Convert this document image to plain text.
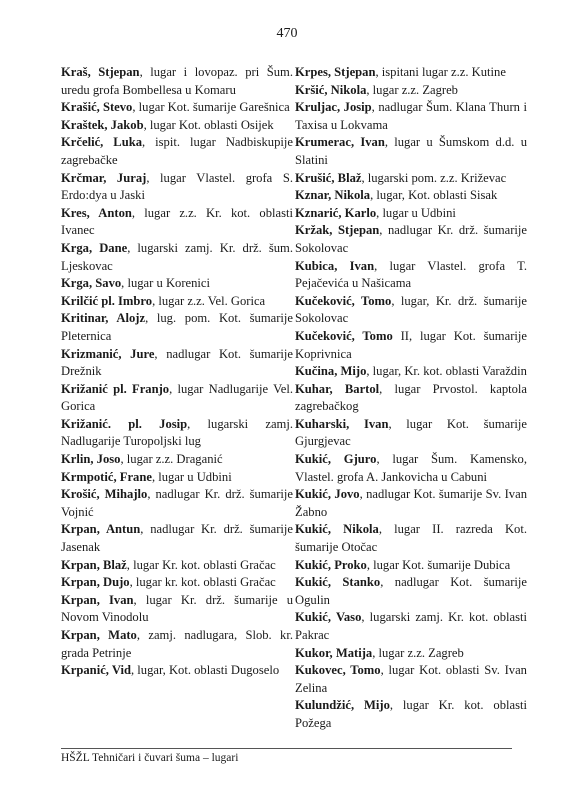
470

Kraš, Stjepan, lugar i lovopaz. pri Šum. uredu grofa Bombellesa u Komaru

Krašić, Stevo, lugar Kot. šumarije Garešnica

Kraštek, Jakob, lugar Kot. oblasti Osijek

Krčelić, Luka, ispit. lugar Nadbiskupije zagrebačke

Krčmar, Juraj, lugar Vlastel. grofa S. Erdo:dya u Jaski

Kres, Anton, lugar z.z. Kr. kot. oblasti Ivanec

Krga, Dane, lugarski zamj. Kr. drž. šum. Ljeskovac

Krga, Savo, lugar u Korenici

Krilčić pl. Imbro, lugar z.z. Vel. Gorica

Kritinar, Alojz, lug. pom. Kot. šumarije Pleternica

Krizmanić, Jure, nadlugar Kot. šumarije Drežnik

Križanić pl. Franjo, lugar Nadlugarije Vel. Gorica

Križanić. pl. Josip, lugarski zamj. Nadlugarije Turopoljski lug

Krlin, Joso, lugar z.z. Draganić

Krmpotić, Frane, lugar u Udbini

Krošić, Mihajlo, nadlugar Kr. drž. šumarije Vojnić

Krpan, Antun, nadlugar Kr. drž. šumarije Jasenak

Krpan, Blaž, lugar Kr. kot. oblasti Gračac

Krpan, Dujo, lugar kr. kot. oblasti Gračac

Krpan, Ivan, lugar Kr. drž. šumarije u Novom Vinodolu

Krpan, Mato, zamj. nadlugara, Slob. kr. grada Petrinje

Krpanić, Vid, lugar, Kot. oblasti Dugoselo

Krpes, Stjepan, ispitani lugar z.z. Kutine

Kršić, Nikola, lugar z.z. Zagreb

Kruljac, Josip, nadlugar Šum. Klana Thurn i Taxisa u Lokvama

Krumerac, Ivan, lugar u Šumskom d.d. u Slatini

Krušić, Blaž, lugarski pom. z.z. Križevac

Kznar, Nikola, lugar, Kot. oblasti Sisak

Kznarić, Karlo, lugar u Udbini

Kržak, Stjepan, nadlugar Kr. drž. šumarije Sokolovac

Kubica, Ivan, lugar Vlastel. grofa T. Pejačevića u Našicama

Kučeković, Tomo, lugar, Kr. drž. šumarije Sokolovac

Kučeković, Tomo II, lugar Kot. šumarije Koprivnica

Kučina, Mijo, lugar, Kr. kot. oblasti Varaždin

Kuhar, Bartol, lugar Prvostol. kaptola zagrebačkog

Kuharski, Ivan, lugar Kot. šumarije Gjurgjevac

Kukić, Gjuro, lugar Šum. Kamensko, Vlastel. grofa A. Jankovicha u Cabuni

Kukić, Jovo, nadlugar Kot. šumarije Sv. Ivan Žabno

Kukić, Nikola, lugar II. razreda Kot. šumarije Otočac

Kukić, Proko, lugar Kot. šumarije Dubica

Kukić, Stanko, nadlugar Kot. šumarije Ogulin

Kukić, Vaso, lugarski zamj. Kr. kot. oblasti Pakrac

Kukor, Matija, lugar z.z. Zagreb

Kukovec, Tomo, lugar Kot. oblasti Sv. Ivan Zelina

Kulundžić, Mijo, lugar Kr. kot. oblasti Požega

HŠŽL Tehničari i čuvari šuma – lugari
